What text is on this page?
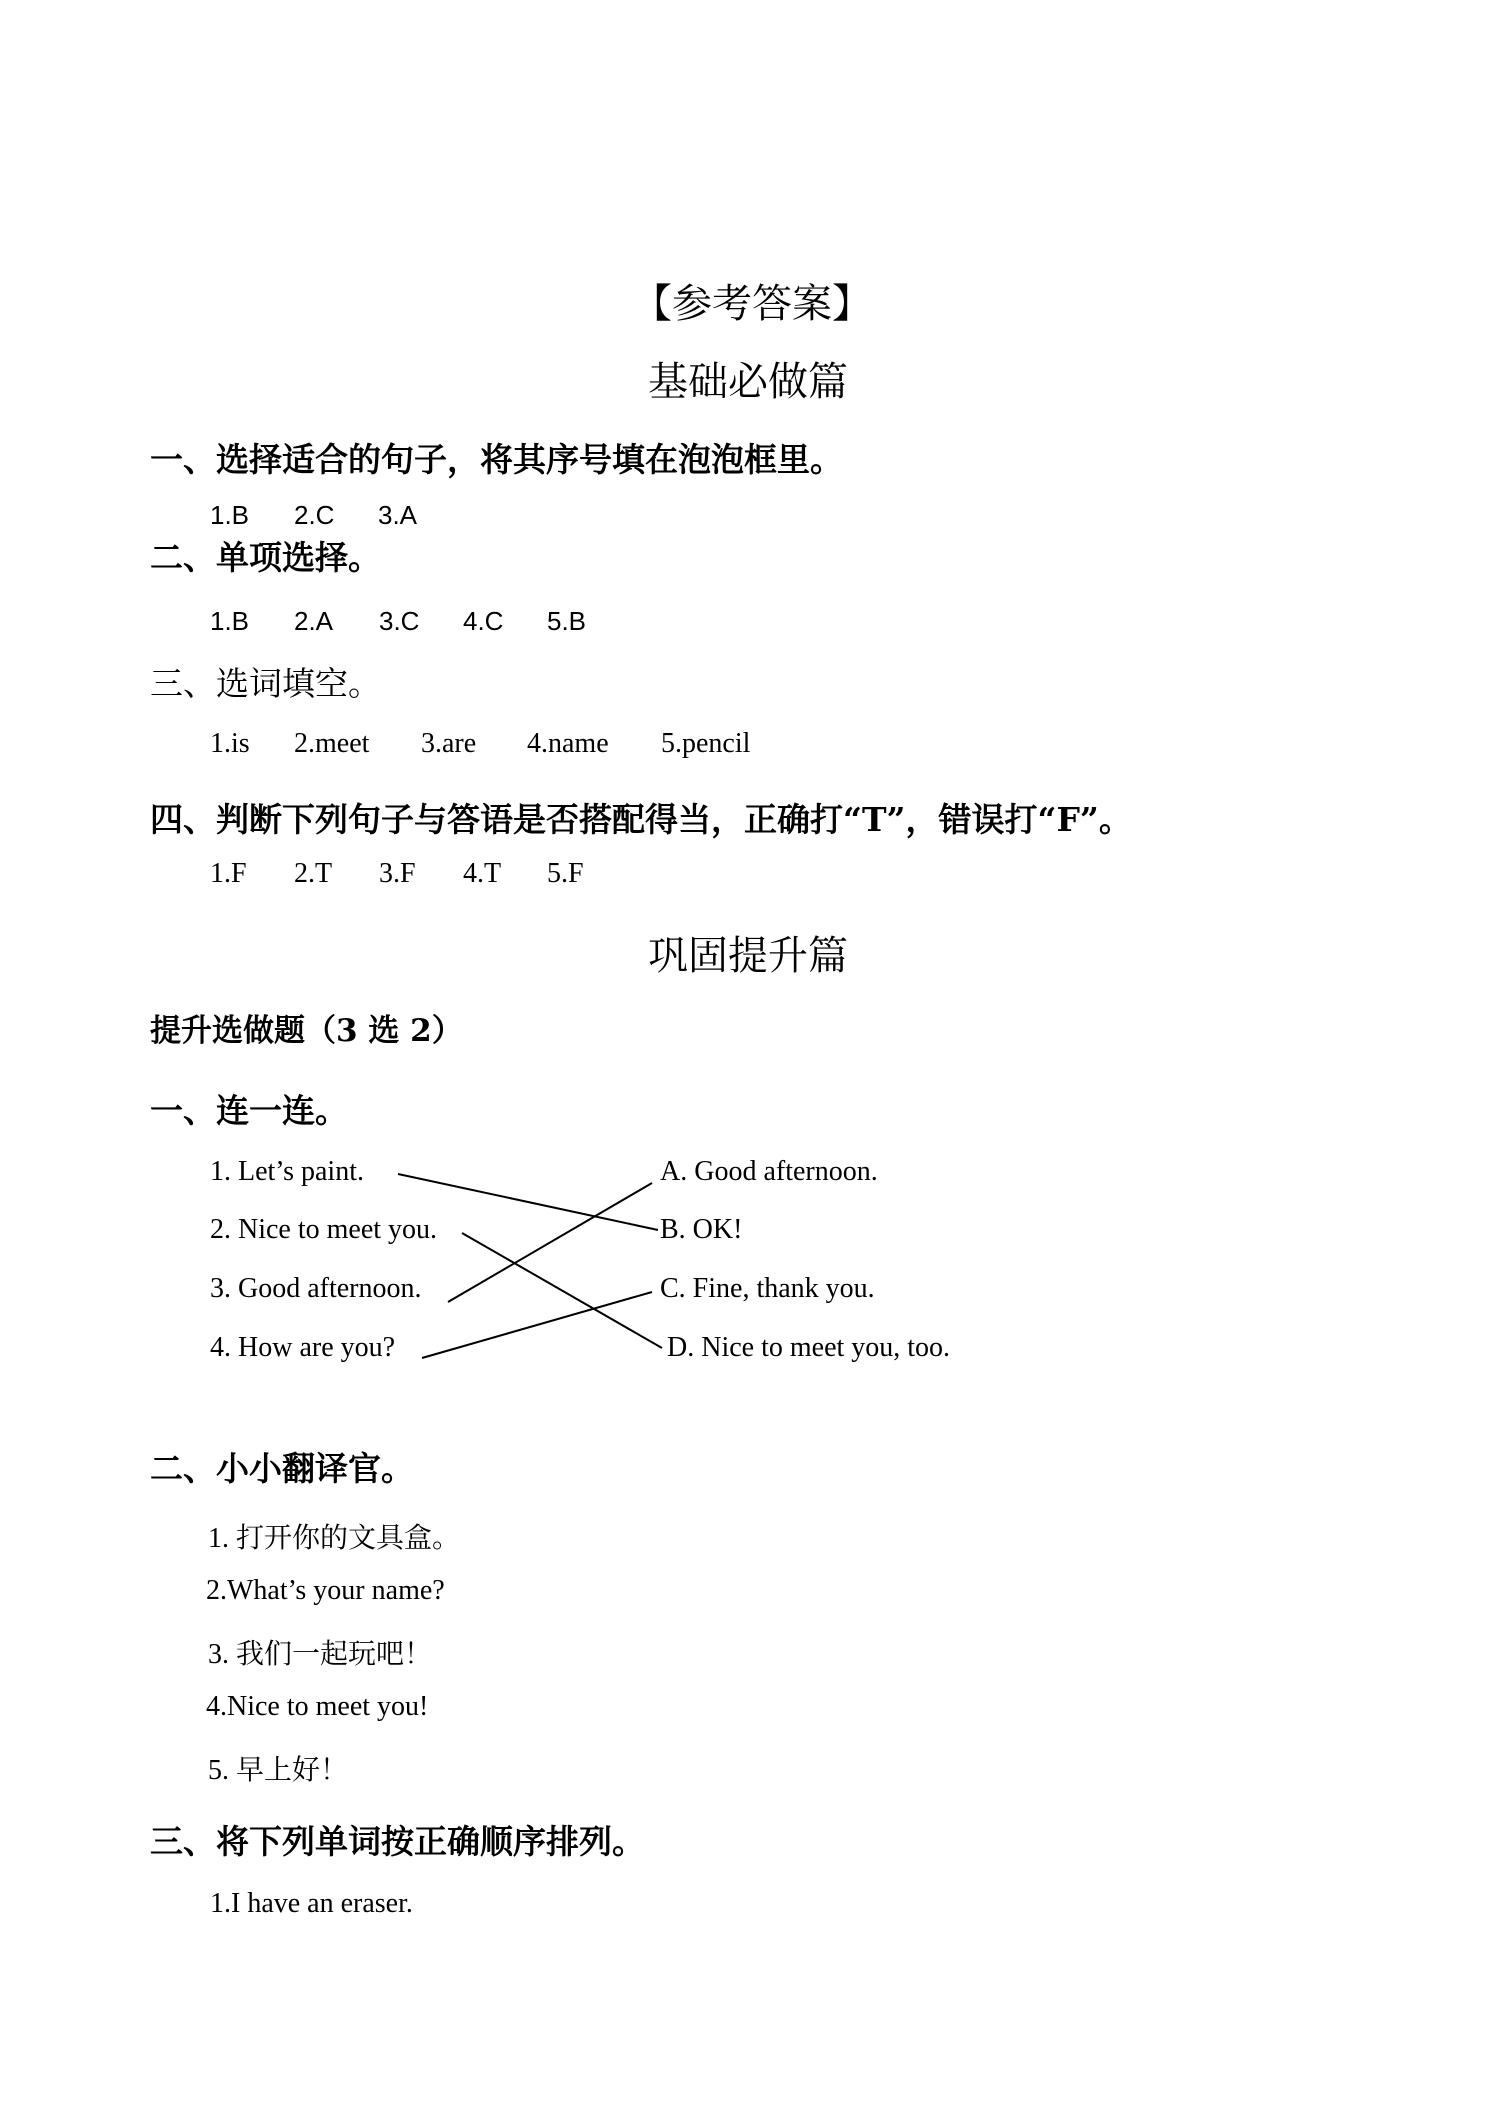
【参考答案】
基础必做篇
一、选择适合的句子，将其序号填在泡泡框里。
1.B 2.C 3.A
二、单项选择。
1.B 2.A 3.C 4.C 5.B
三、选词填空。
1.is 2.meet 3.are 4.name 5.pencil
四、判断下列句子与答语是否搭配得当，正确打“T”，错误打“F”。
1.F 2.T 3.F 4.T 5.F
巩固提升篇
提升选做题（3 选 2）
一、连一连。
1. Let’s paint.
2. Nice to meet you.
3. Good afternoon.
4. How are you?
A. Good afternoon.
B. OK!
C. Fine, thank you.
D. Nice to meet you, too.
二、小小翻译官。
1. 打开你的文具盒。
2.What’s your name?
3. 我们一起玩吧！
4.Nice to meet you!
5. 早上好！
三、将下列单词按正确顺序排列。
1.I have an eraser.
